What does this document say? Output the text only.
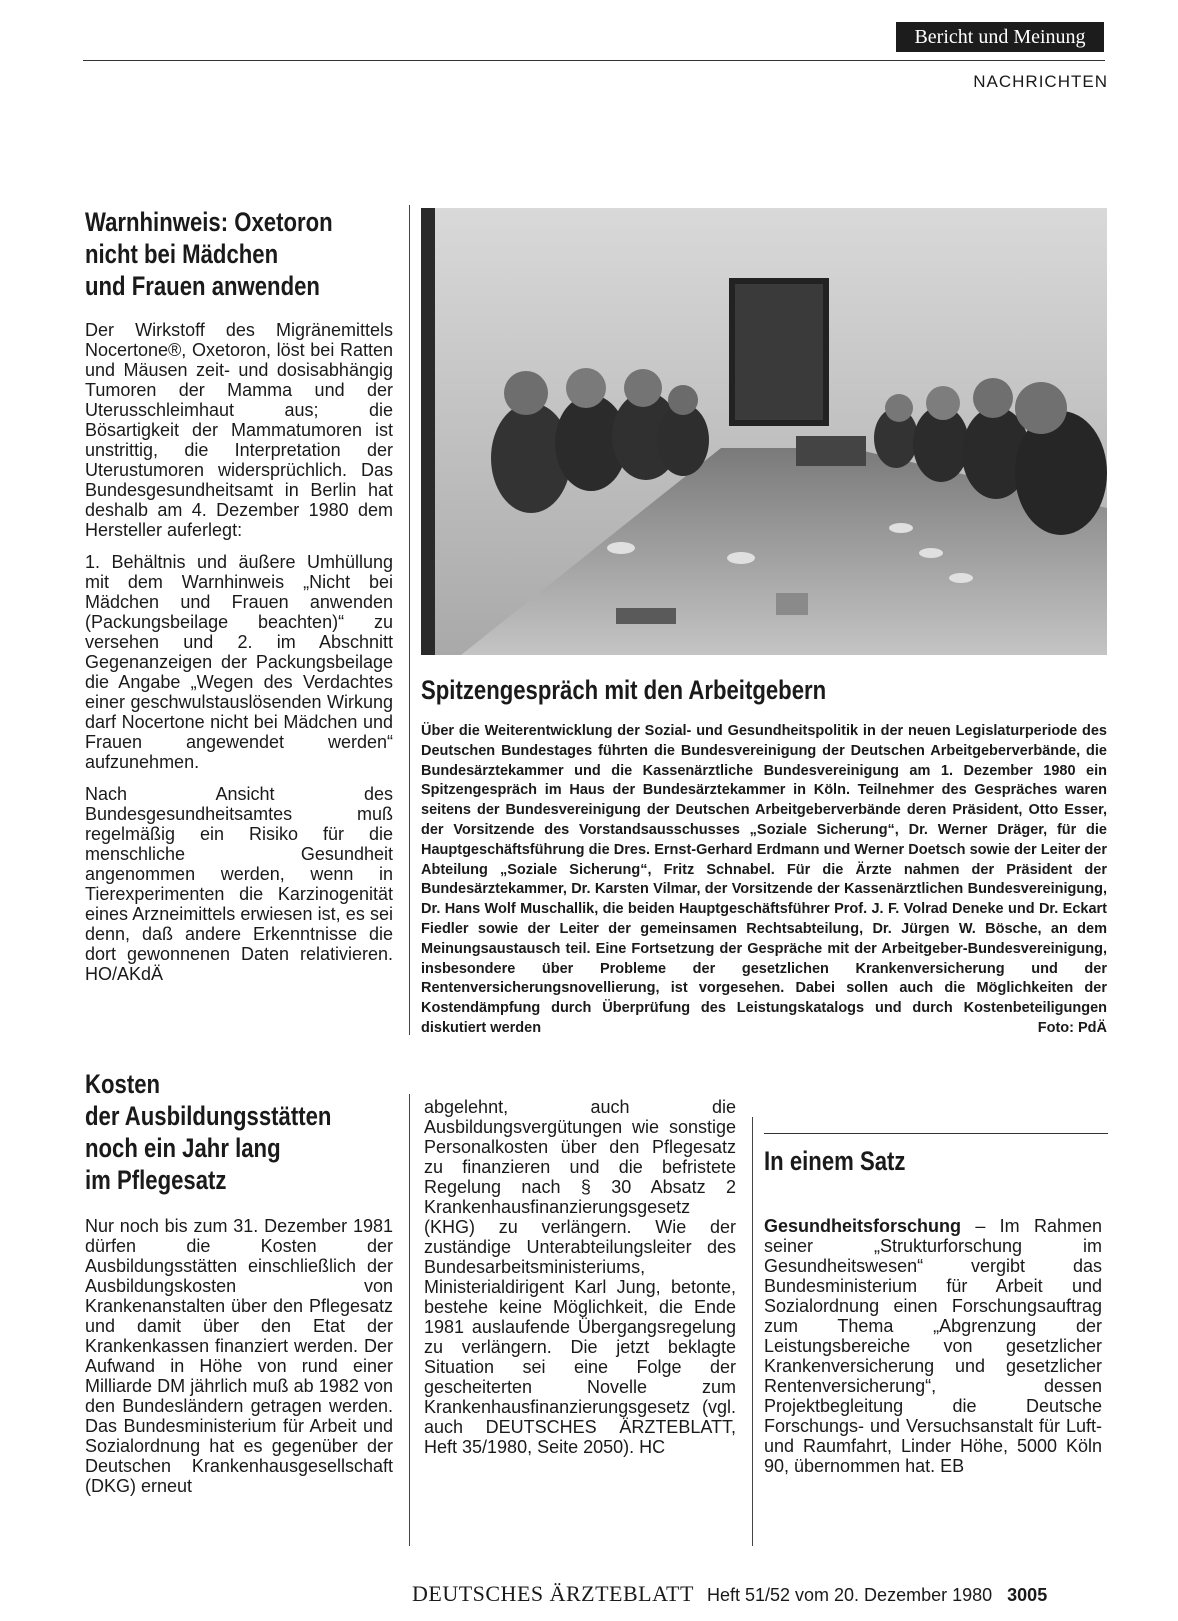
Bericht und Meinung
NACHRICHTEN
Warnhinweis: Oxetoron
nicht bei Mädchen
und Frauen anwenden

Der Wirkstoff des Migränemittels Nocertone®, Oxetoron, löst bei Ratten und Mäusen zeit- und dosisabhängig Tumoren der Mamma und der Uterusschleimhaut aus; die Bösartigkeit der Mammatumoren ist unstrittig, die Interpretation der Uterustumoren widersprüchlich. Das Bundesgesundheitsamt in Berlin hat deshalb am 4. Dezember 1980 dem Hersteller auferlegt:

1. Behältnis und äußere Umhüllung mit dem Warnhinweis „Nicht bei Mädchen und Frauen anwenden (Packungsbeilage beachten)“ zu versehen und 2. im Abschnitt Gegenanzeigen der Packungsbeilage die Angabe „Wegen des Verdachtes einer geschwulstauslösenden Wirkung darf Nocertone nicht bei Mädchen und Frauen angewendet werden“ aufzunehmen.

Nach Ansicht des Bundesgesundheitsamtes muß regelmäßig ein Risiko für die menschliche Gesundheit angenommen werden, wenn in Tierexperimenten die Karzinogenität eines Arzneimittels erwiesen ist, es sei denn, daß andere Erkenntnisse die dort gewonnenen Daten relativieren. HO/AKdÄ

Spitzengespräch mit den Arbeitgebern
Über die Weiterentwicklung der Sozial- und Gesundheitspolitik in der neuen Legislaturperiode des Deutschen Bundestages führten die Bundesvereinigung der Deutschen Arbeitgeberverbände, die Bundesärztekammer und die Kassenärztliche Bundesvereinigung am 1. Dezember 1980 ein Spitzengespräch im Haus der Bundesärztekammer in Köln. Teilnehmer des Gespräches waren seitens der Bundesvereinigung der Deutschen Arbeitgeberverbände deren Präsident, Otto Esser, der Vorsitzende des Vorstandsausschusses „Soziale Sicherung“, Dr. Werner Dräger, für die Hauptgeschäftsführung die Dres. Ernst-Gerhard Erdmann und Werner Doetsch sowie der Leiter der Abteilung „Soziale Sicherung“, Fritz Schnabel. Für die Ärzte nahmen der Präsident der Bundesärztekammer, Dr. Karsten Vilmar, der Vorsitzende der Kassenärztlichen Bundesvereinigung, Dr. Hans Wolf Muschallik, die beiden Hauptgeschäftsführer Prof. J. F. Volrad Deneke und Dr. Eckart Fiedler sowie der Leiter der gemeinsamen Rechtsabteilung, Dr. Jürgen W. Bösche, an dem Meinungsaustausch teil. Eine Fortsetzung der Gespräche mit der Arbeitgeber-Bundesvereinigung, insbesondere über Probleme der gesetzlichen Krankenversicherung und der Rentenversicherungsnovellierung, ist vorgesehen. Dabei sollen auch die Möglichkeiten der Kostendämpfung durch Überprüfung des Leistungskatalogs und durch Kostenbeteiligungen diskutiert werden	Foto: PdÄ
Kosten
der Ausbildungsstätten
noch ein Jahr lang
im Pflegesatz

Nur noch bis zum 31. Dezember 1981 dürfen die Kosten der Ausbildungsstätten einschließlich der Ausbildungskosten von Krankenanstalten über den Pflegesatz und damit über den Etat der Krankenkassen finanziert werden. Der Aufwand in Höhe von rund einer Milliarde DM jährlich muß ab 1982 von den Bundesländern getragen werden. Das Bundesministerium für Arbeit und Sozialordnung hat es gegenüber der Deutschen Krankenhausgesellschaft (DKG) erneut

abgelehnt, auch die Ausbildungsvergütungen wie sonstige Personalkosten über den Pflegesatz zu finanzieren und die befristete Regelung nach § 30 Absatz 2 Krankenhausfinanzierungsgesetz (KHG) zu verlängern. Wie der zuständige Unterabteilungsleiter des Bundesarbeitsministeriums, Ministerialdirigent Karl Jung, betonte, bestehe keine Möglichkeit, die Ende 1981 auslaufende Übergangsregelung zu verlängern. Die jetzt beklagte Situation sei eine Folge der gescheiterten Novelle zum Krankenhausfinanzierungsgesetz (vgl. auch DEUTSCHES ÄRZTEBLATT, Heft 35/1980, Seite 2050). HC

In einem Satz

Gesundheitsforschung – Im Rahmen seiner „Strukturforschung im Gesundheitswesen“ vergibt das Bundesministerium für Arbeit und Sozialordnung einen Forschungsauftrag zum Thema „Abgrenzung der Leistungsbereiche von gesetzlicher Krankenversicherung und gesetzlicher Rentenversicherung“, dessen Projektbegleitung die Deutsche Forschungs- und Versuchsanstalt für Luft- und Raumfahrt, Linder Höhe, 5000 Köln 90, übernommen hat. EB

DEUTSCHES ÄRZTEBLATT Heft 51/52 vom 20. Dezember 1980 3005
